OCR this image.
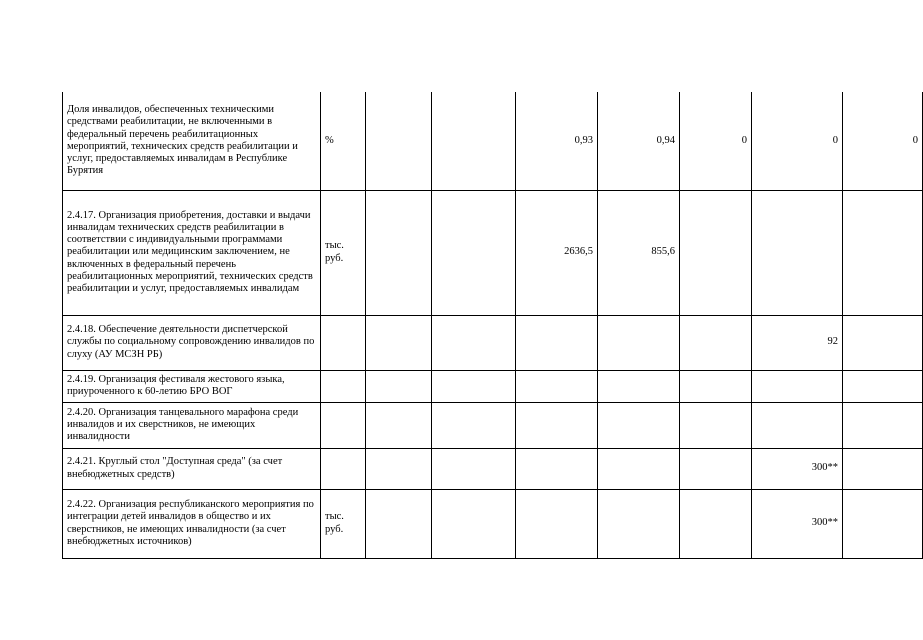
Доля инвалидов, обеспеченных техническими средствами реабилитации, не включенными в федеральный перечень реабилитационных мероприятий, технических средств реабилитации и услуг, предоставляемых инвалидам в Республике Бурятия	%			0,93	0,94	0	0	0
2.4.17. Организация приобретения, доставки и выдачи инвалидам технических средств реабилитации в соответствии с индивидуальными программами реабилитации или медицинским заключением, не включенных в федеральный перечень реабилитационных мероприятий, технических средств реабилитации и услуг, предоставляемых инвалидам	тыс. руб.			2636,5	855,6			
2.4.18. Обеспечение деятельности диспетчерской службы по социальному сопровождению инвалидов по слуху (АУ МСЗН РБ)							92	
2.4.19. Организация фестиваля жестового языка, приуроченного к 60-летию БРО ВОГ								
2.4.20. Организация танцевального марафона среди инвалидов и их сверстников, не имеющих инвалидности								
2.4.21. Круглый стол "Доступная среда" (за счет внебюджетных средств)							300**	
2.4.22. Организация республиканского мероприятия по интеграции детей инвалидов в общество и их сверстников, не имеющих инвалидности (за счет внебюджетных источников)	тыс. руб.						300**	
